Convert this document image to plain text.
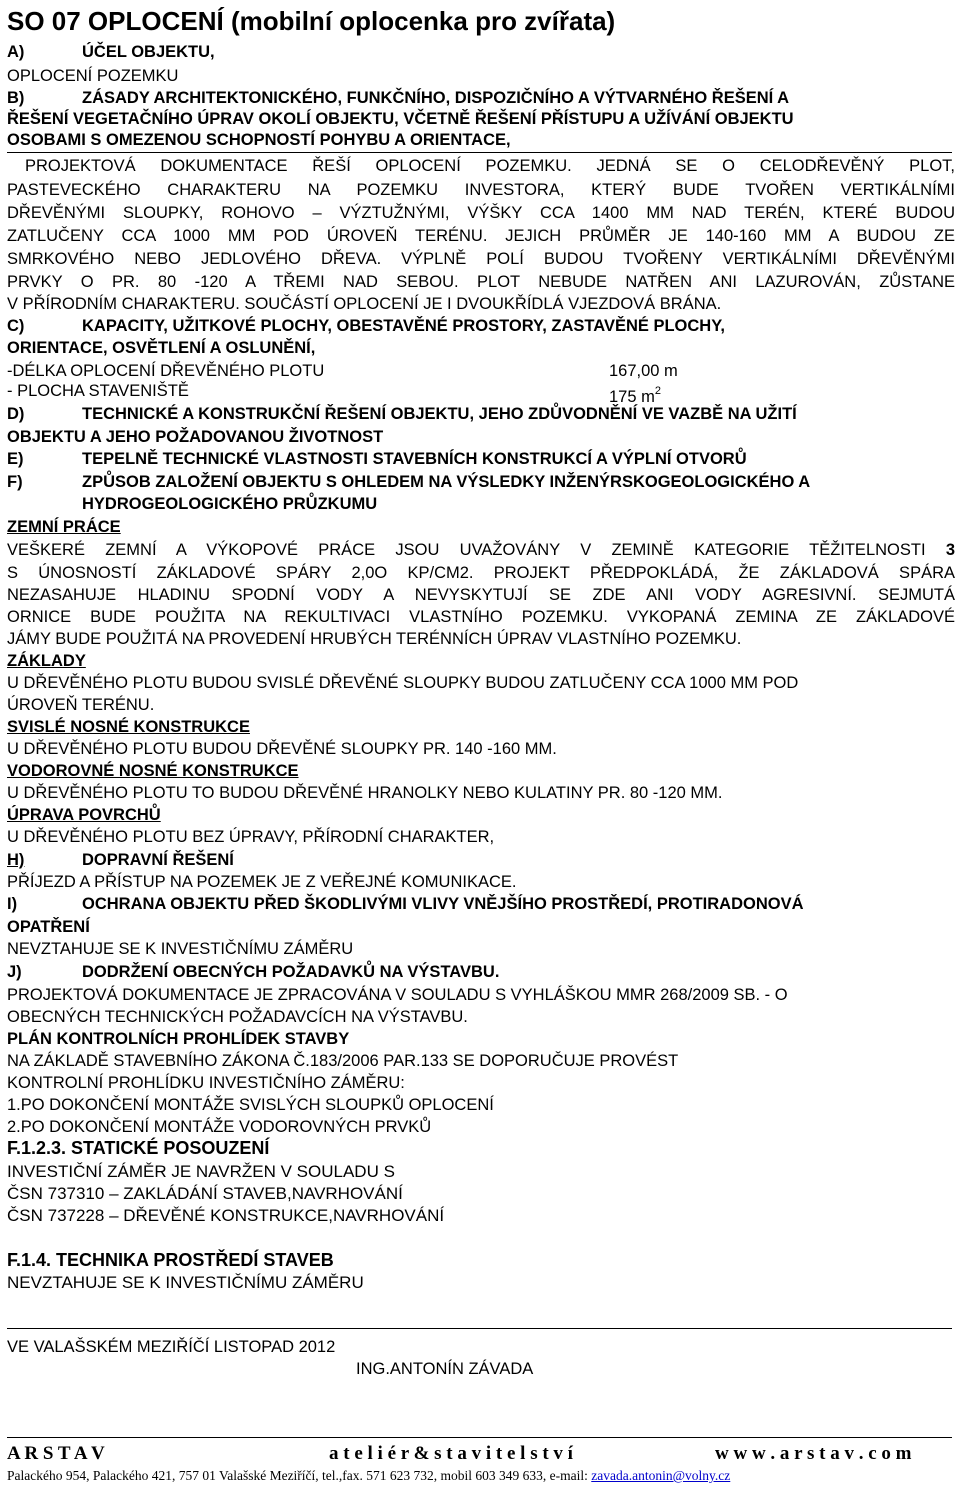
SO 07 OPLOCENÍ (mobilní oplocenka pro zvířata)
A)	ÚČEL OBJEKTU,
OPLOCENÍ POZEMKU
B)	ZÁSADY ARCHITEKTONICKÉHO, FUNKČNÍHO, DISPOZIČNÍHO A VÝTVARNÉHO ŘEŠENÍ A
ŘEŠENÍ VEGETAČNÍHO ÚPRAV OKOLÍ OBJEKTU, VČETNĚ ŘEŠENÍ PŘÍSTUPU A UŽÍVÁNÍ OBJEKTU
OSOBAMI S OMEZENOU SCHOPNOSTÍ POHYBU A ORIENTACE,
PROJEKTOVÁ DOKUMENTACE ŘEŠÍ OPLOCENÍ POZEMKU. JEDNÁ SE O CELODŘEVĚNÝ PLOT,
PASTEVECKÉHO CHARAKTERU NA POZEMKU INVESTORA, KTERÝ BUDE TVOŘEN VERTIKÁLNÍMI
DŘEVĚNÝMI SLOUPKY, ROHOVO – VÝZTUŽNÝMI, VÝŠKY CCA 1400 MM NAD TERÉN, KTERÉ BUDOU
ZATLUČENY CCA 1000 MM POD ÚROVEŇ TERÉNU. JEJICH PRŮMĚR JE 140-160 MM A BUDOU ZE
SMRKOVÉHO NEBO JEDLOVÉHO DŘEVA. VÝPLNĚ POLÍ BUDOU TVOŘENY VERTIKÁLNÍMI DŘEVĚNÝMI
PRVKY O PR. 80 -120 A TŘEMI NAD SEBOU. PLOT NEBUDE NATŘEN ANI LAZUROVÁN, ZŮSTANE
V PŘÍRODNÍM CHARAKTERU. SOUČÁSTÍ OPLOCENÍ JE I DVOUKŘÍDLÁ VJEZDOVÁ BRÁNA.
C)	KAPACITY, UŽITKOVÉ PLOCHY, OBESTAVĚNÉ PROSTORY, ZASTAVĚNÉ PLOCHY,
ORIENTACE, OSVĚTLENÍ A OSLUNĚNÍ,
-DÉLKA OPLOCENÍ DŘEVĚNÉHO PLOTU	167,00 m
- PLOCHA STAVENIŠTĚ	175 $m^2$
D)	TECHNICKÉ A KONSTRUKČNÍ ŘEŠENÍ OBJEKTU, JEHO ZDŮVODNĚNÍ VE VAZBĚ NA UŽITÍ
OBJEKTU A JEHO POŽADOVANOU ŽIVOTNOST
E)	TEPELNĚ TECHNICKÉ VLASTNOSTI STAVEBNÍCH KONSTRUKCÍ A VÝPLNÍ OTVORŮ
F)	ZPŮSOB ZALOŽENÍ OBJEKTU S OHLEDEM NA VÝSLEDKY INŽENÝRSKOGEOLOGICKÉHO A
HYDROGEOLOGICKÉHO PRŮZKUMU
ZEMNÍ PRÁCE
VEŠKERÉ ZEMNÍ A VÝKOPOVÉ PRÁCE JSOU UVAŽOVÁNY V ZEMINĚ KATEGORIE TĚŽITELNOSTI 3
S ÚNOSNOSTÍ ZÁKLADOVÉ SPÁRY 2,0O KP/CM2. PROJEKT PŘEDPOKLÁDÁ, ŽE ZÁKLADOVÁ SPÁRA
NEZASAHUJE HLADINU SPODNÍ VODY A NEVYSKYTUJÍ SE ZDE ANI VODY AGRESIVNÍ. SEJMUTÁ
ORNICE BUDE POUŽITA NA REKULTIVACI VLASTNÍHO POZEMKU. VYKOPANÁ ZEMINA ZE ZÁKLADOVÉ
JÁMY BUDE POUŽITÁ NA PROVEDENÍ HRUBÝCH TERÉNNÍCH ÚPRAV VLASTNÍHO POZEMKU.
ZÁKLADY
U DŘEVĚNÉHO PLOTU BUDOU SVISLÉ DŘEVĚNÉ SLOUPKY BUDOU ZATLUČENY CCA 1000 MM POD
ÚROVEŇ TERÉNU.
SVISLÉ NOSNÉ KONSTRUKCE
U DŘEVĚNÉHO PLOTU BUDOU DŘEVĚNÉ SLOUPKY PR. 140 -160 MM.
VODOROVNÉ NOSNÉ KONSTRUKCE
U DŘEVĚNÉHO PLOTU TO BUDOU DŘEVĚNÉ HRANOLKY NEBO KULATINY PR. 80 -120 MM.
ÚPRAVA POVRCHŮ
U DŘEVĚNÉHO PLOTU BEZ ÚPRAVY, PŘÍRODNÍ CHARAKTER,
H)	DOPRAVNÍ ŘEŠENÍ
PŘÍJEZD A PŘÍSTUP NA POZEMEK JE Z VEŘEJNÉ KOMUNIKACE.
I)	OCHRANA OBJEKTU PŘED ŠKODLIVÝMI VLIVY VNĚJŠÍHO PROSTŘEDÍ, PROTIRADONOVÁ
OPATŘENÍ
NEVZTAHUJE SE K INVESTIČNÍMU ZÁMĚRU
J)	DODRŽENÍ OBECNÝCH POŽADAVKŮ NA VÝSTAVBU.
PROJEKTOVÁ DOKUMENTACE JE ZPRACOVÁNA V SOULADU S VYHLÁŠKOU MMR 268/2009 SB. - O
OBECNÝCH TECHNICKÝCH POŽADAVCÍCH NA VÝSTAVBU.
PLÁN KONTROLNÍCH PROHLÍDEK STAVBY
NA ZÁKLADĚ STAVEBNÍHO ZÁKONA Č.183/2006 PAR.133 SE DOPORUČUJE PROVÉST
KONTROLNÍ PROHLÍDKU INVESTIČNÍHO ZÁMĚRU:
1.PO DOKONČENÍ MONTÁŽE SVISLÝCH SLOUPKŮ OPLOCENÍ
2.PO DOKONČENÍ MONTÁŽE VODOROVNÝCH PRVKŮ
F.1.2.3. STATICKÉ POSOUZENÍ
INVESTIČNÍ ZÁMĚR JE NAVRŽEN V SOULADU S
ČSN 737310 – ZAKLÁDÁNÍ STAVEB,NAVRHOVÁNÍ
ČSN 737228 – DŘEVĚNÉ KONSTRUKCE,NAVRHOVÁNÍ
F.1.4. TECHNIKA PROSTŘEDÍ STAVEB
NEVZTAHUJE SE K INVESTIČNÍMU ZÁMĚRU
VE VALAŠSKÉM MEZIŘÍČÍ LISTOPAD 2012
ING.ANTONÍN ZÁVADA
A R S T A V	a t e l i é r & s t a v i t e l s t v í	w w w . a r s t a v . c o m
Palackého 954, Palackého 421, 757 01 Valašské Meziříčí, tel.,fax. 571 623 732, mobil 603 349 633, e-mail: zavada.antonin@volny.cz
